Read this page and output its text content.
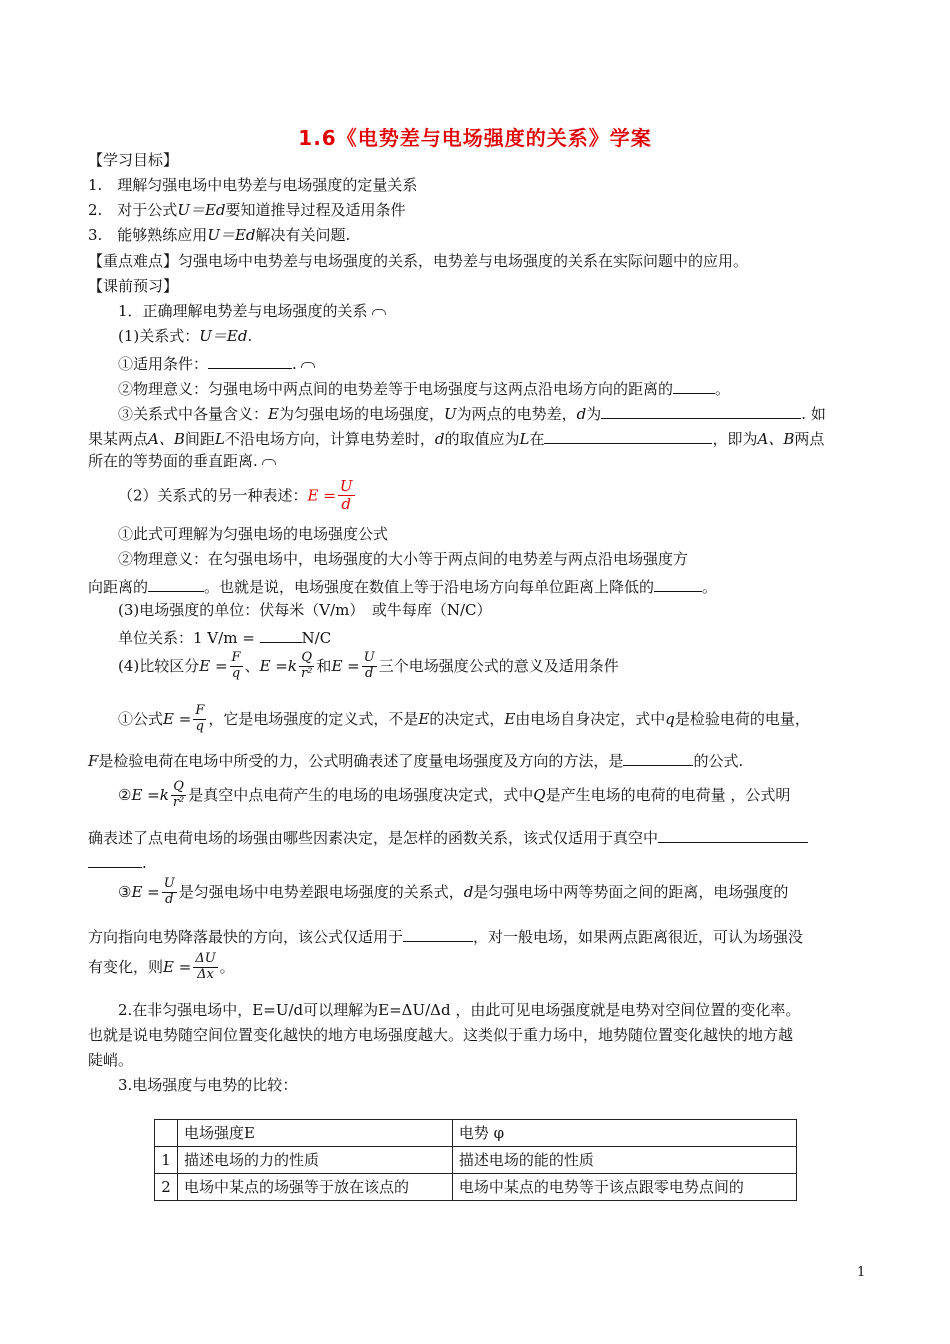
1.6《电势差与电场强度的关系》学案
【学习目标】
1.　理解匀强电场中电势差与电场强度的定量关系
2.　对于公式U＝Ed要知道推导过程及适用条件
3.　能够熟练应用U＝Ed解决有关问题.
【重点难点】匀强电场中电势差与电场强度的关系，电势差与电场强度的关系在实际问题中的应用。
【课前预习】
1．正确理解电势差与电场强度的关系
(1)关系式：U＝Ed.
①适用条件：	.
②物理意义：匀强电场中两点间的电势差等于电场强度与这两点沿电场方向的距离的	。
③关系式中各量含义：E为匀强电场的电场强度，U为两点的电势差，d为	. 如
果某两点A、B间距L不沿电场方向，计算电势差时，d的取值应为L在	，即为A、B两点
所在的等势面的垂直距离.
（2）关系式的另一种表述：$E = \frac{U}{d}$
①此式可理解为匀强电场的电场强度公式
②物理意义：在匀强电场中，电场强度的大小等于两点间的电势差与两点沿电场强度方
向距离的	。也就是说，电场强度在数值上等于沿电场方向每单位距离上降低的	。
(3)电场强度的单位：伏每米（V/m）　或牛每库（N/C）
单位关系：1 V/m =	N/C
(4)比较区分$E = \frac{F}{q}$ 、$E =k \frac{Q}{\text{r²}}$ 和$E = \frac{U}{d}$ 三个电场强度公式的意义及适用条件
①公式$E = \frac{F}{q}$ ，它是电场强度的定义式，不是E的决定式，E由电场自身决定，式中q是检验电荷的电量，
F是检验电荷在电场中所受的力，公式明确表述了度量电场强度及方向的方法，是	的公式.
②E $=k \frac{Q}{\text{r²}}$ 是真空中点电荷产生的电场的电场强度决定式，式中Q是产生电场的电荷的电荷量 ，公式明
确表述了点电荷电场的场强由哪些因素决定，是怎样的函数关系，该式仅适用于真空中
.
③E = $\frac{U}{d}$ 是匀强电场中电势差跟电场强度的关系式，d是匀强电场中两等势面之间的距离，电场强度的
方向指向电势降落最快的方向，该公式仅适用于	，对一般电场，如果两点距离很近，可认为场强没
有变化，则$E = \frac{\Delta U}{\Delta x}$ 。
2.在非匀强电场中，E=U/d可以理解为E=ΔU/Δd ，由此可见电场强度就是电势对空间位置的变化率。
也就是说电势随空间位置变化越快的地方电场强度越大。这类似于重力场中，地势随位置变化越快的地方越
陡峭。
3.电场强度与电势的比较：
	电场强度E	电势 φ
1	描述电场的力的性质	描述电场的能的性质
2	电场中某点的场强等于放在该点的	电场中某点的电势等于该点跟零电势点间的
1
